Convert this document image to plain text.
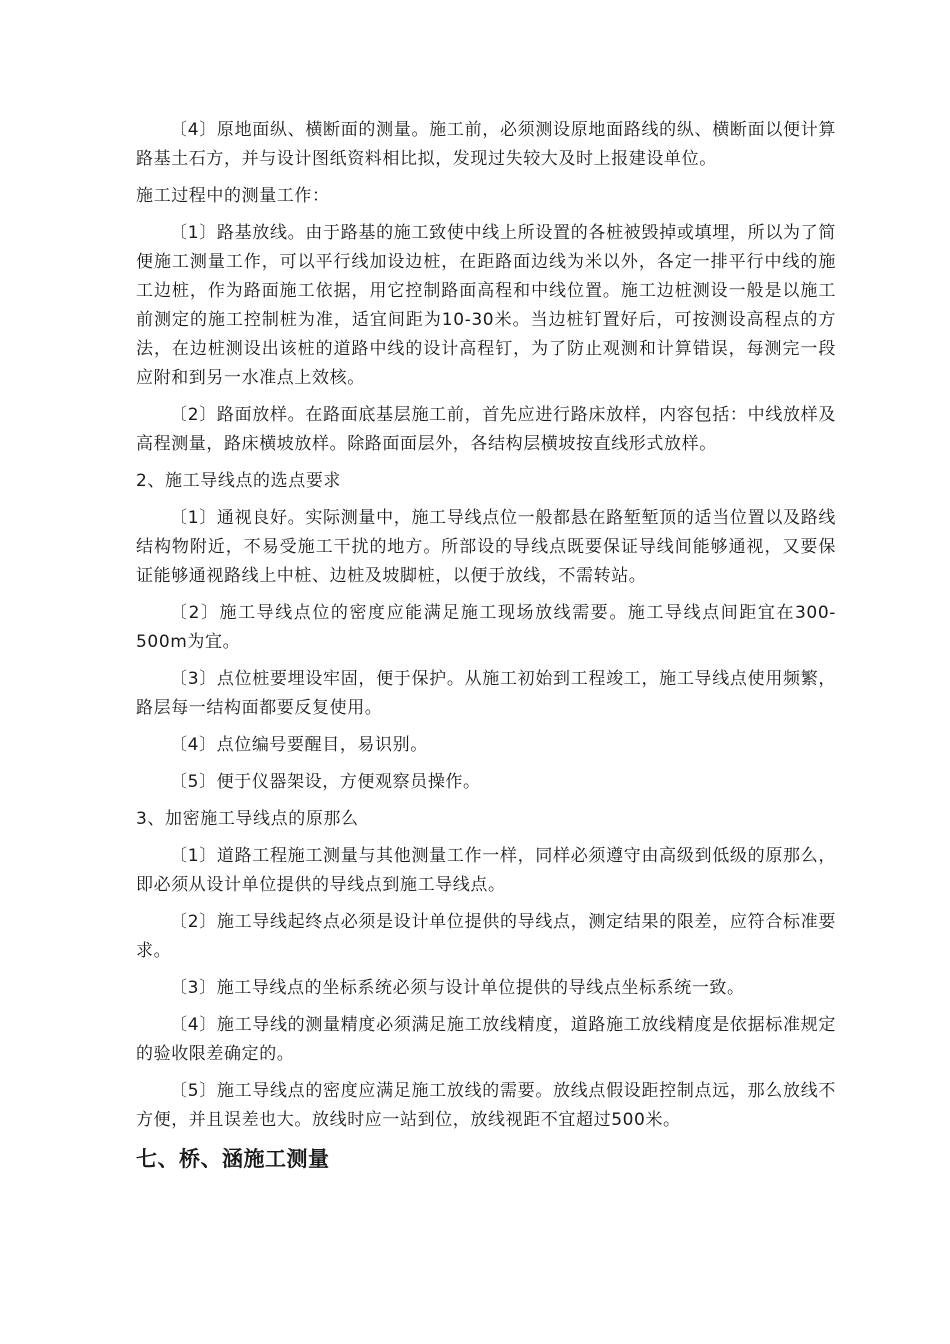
〔4〕原地面纵、横断面的测量。施工前，必须测设原地面路线的纵、横断面以便计算路基土石方，并与设计图纸资料相比拟，发现过失较大及时上报建设单位。

施工过程中的测量工作：

〔1〕路基放线。由于路基的施工致使中线上所设置的各桩被毁掉或填埋，所以为了简便施工测量工作，可以平行线加设边桩，在距路面边线为米以外，各定一排平行中线的施工边桩，作为路面施工依据，用它控制路面高程和中线位置。施工边桩测设一般是以施工前测定的施工控制桩为准，适宜间距为10-30米。当边桩钉置好后，可按测设高程点的方法，在边桩测设出该桩的道路中线的设计高程钉，为了防止观测和计算错误，每测完一段应附和到另一水准点上效核。

〔2〕路面放样。在路面底基层施工前，首先应进行路床放样，内容包括：中线放样及高程测量，路床横坡放样。除路面面层外，各结构层横坡按直线形式放样。

2、施工导线点的选点要求

〔1〕通视良好。实际测量中，施工导线点位一般都悬在路堑堑顶的适当位置以及路线结构物附近，不易受施工干扰的地方。所部设的导线点既要保证导线间能够通视，又要保证能够通视路线上中桩、边桩及坡脚桩，以便于放线，不需转站。

〔2〕施工导线点位的密度应能满足施工现场放线需要。施工导线点间距宜在300-500m为宜。

〔3〕点位桩要埋设牢固，便于保护。从施工初始到工程竣工，施工导线点使用频繁，路层每一结构面都要反复使用。

〔4〕点位编号要醒目，易识别。

〔5〕便于仪器架设，方便观察员操作。

3、加密施工导线点的原那么

〔1〕道路工程施工测量与其他测量工作一样，同样必须遵守由高级到低级的原那么，即必须从设计单位提供的导线点到施工导线点。

〔2〕施工导线起终点必须是设计单位提供的导线点，测定结果的限差，应符合标准要求。

〔3〕施工导线点的坐标系统必须与设计单位提供的导线点坐标系统一致。

〔4〕施工导线的测量精度必须满足施工放线精度，道路施工放线精度是依据标准规定的验收限差确定的。

〔5〕施工导线点的密度应满足施工放线的需要。放线点假设距控制点远，那么放线不方便，并且误差也大。放线时应一站到位，放线视距不宜超过500米。

七、桥、涵施工测量
